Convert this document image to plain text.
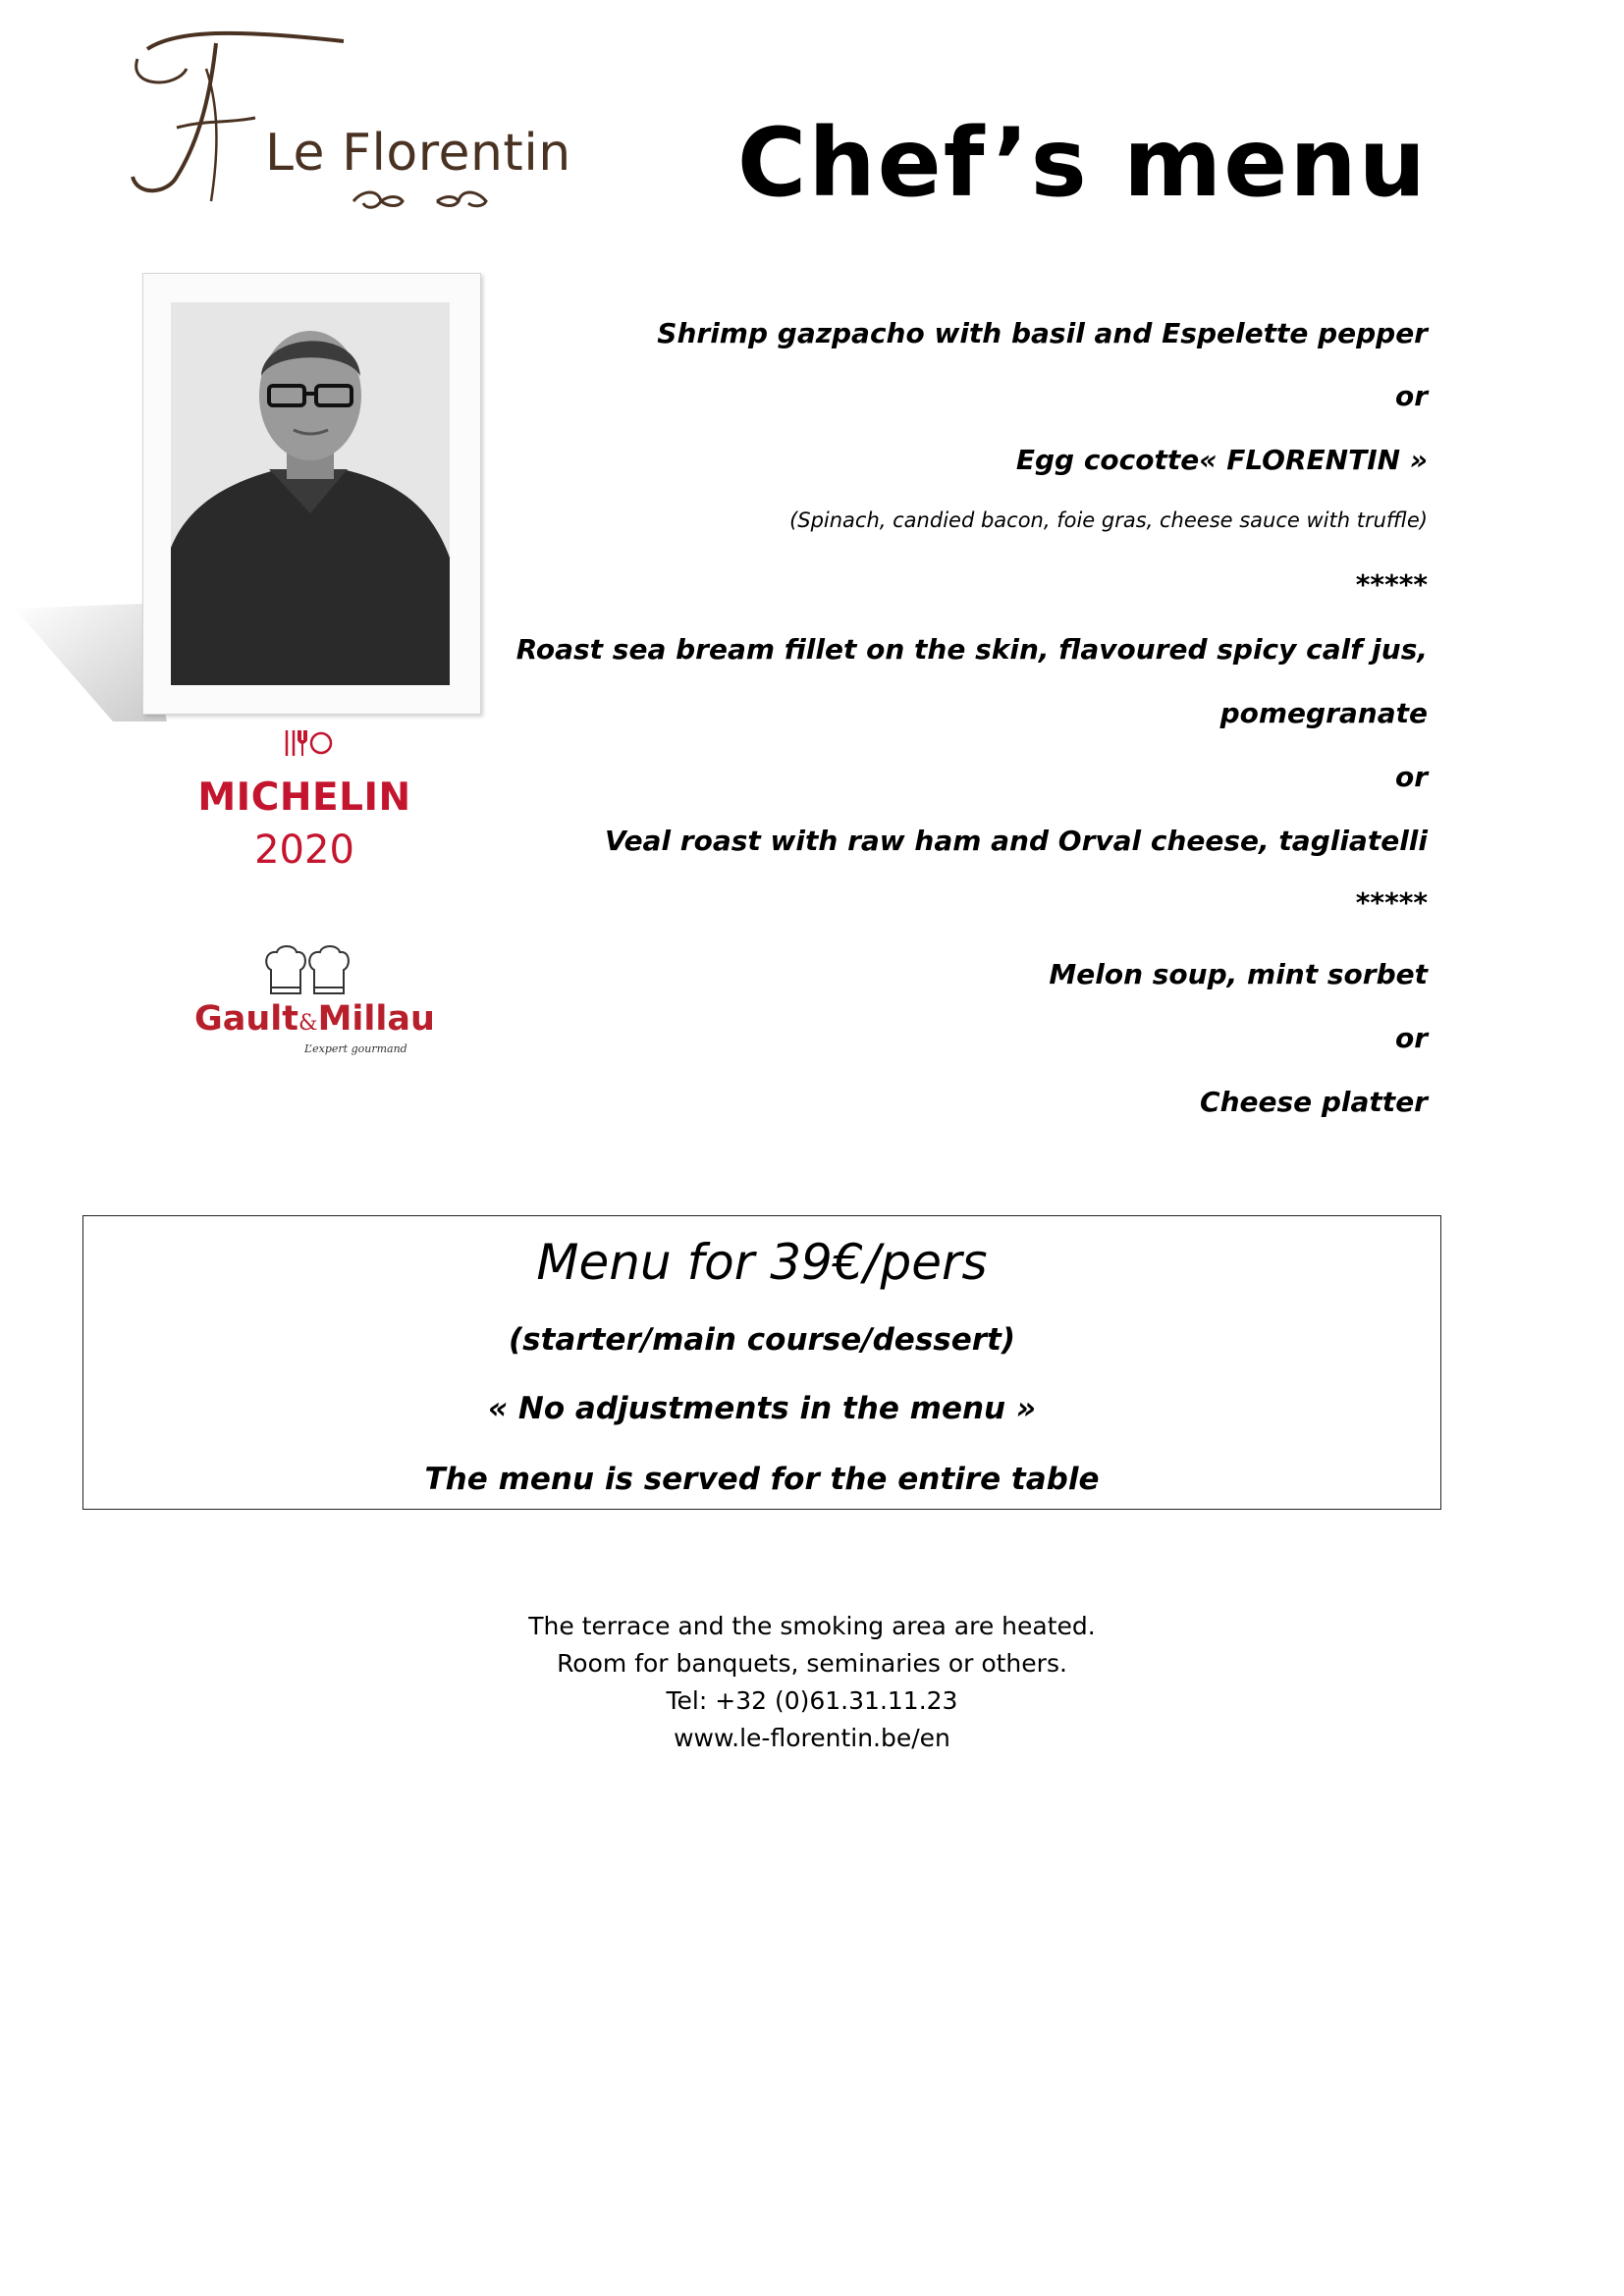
Le Florentin Chef’s menu
MICHELIN
2020
Gault&Millau
L’expert gourmand
Shrimp gazpacho with basil and Espelette pepper
or
Egg cocotte« FLORENTIN »
(Spinach, candied bacon, foie gras, cheese sauce with truffle)
*****
Roast sea bream fillet on the skin, flavoured spicy calf jus,
pomegranate
or
Veal roast with raw ham and Orval cheese, tagliatelli
*****
Melon soup, mint sorbet
or
Cheese platter
Menu for 39€/pers
(starter/main course/dessert)
« No adjustments in the menu »
The menu is served for the entire table
The terrace and the smoking area are heated.
Room for banquets, seminaries or others.
Tel: +32 (0)61.31.11.23
www.le-florentin.be/en
